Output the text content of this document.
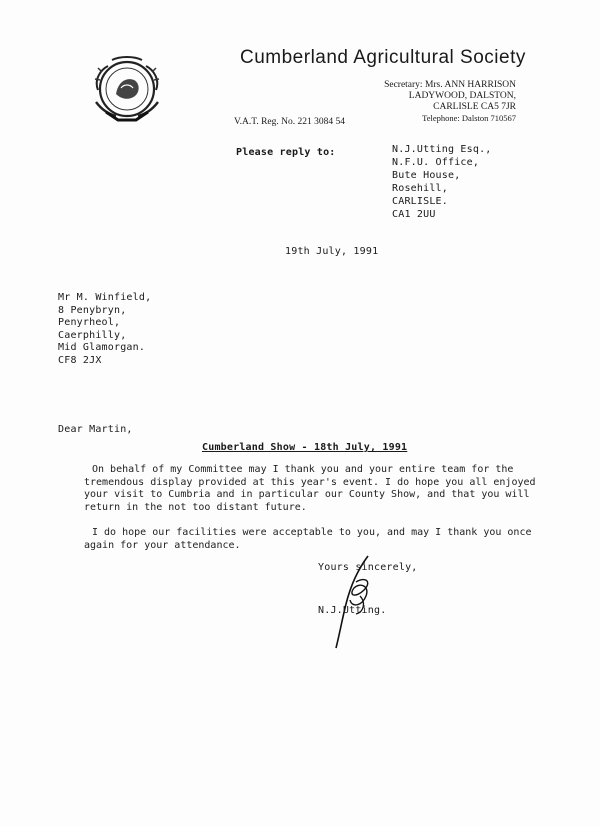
Cumberland Agricultural Society
Secretary: Mrs. ANN HARRISON
LADYWOOD, DALSTON,
CARLISLE CA5 7JR
Telephone: Dalston 710567
V.A.T. Reg. No. 221 3084 54
Please reply to:	N.J.Utting Esq.,
N.F.U. Office,
Bute House,
Rosehill,
CARLISLE.
CA1 2UU
19th July, 1991
Mr M. Winfield,
8 Penybryn,
Penyrheol,
Caerphilly,
Mid Glamorgan.
CF8 2JX
Dear Martin,
Cumberland Show - 18th July, 1991
On behalf of my Committee may I thank you and your entire team for the
tremendous display provided at this year's event. I do hope you all enjoyed
your visit to Cumbria and in particular our County Show, and that you will
return in the not too distant future.
I do hope our facilities were acceptable to you, and may I thank you once
again for your attendance.
Yours sincerely,
N.J.Utting.
